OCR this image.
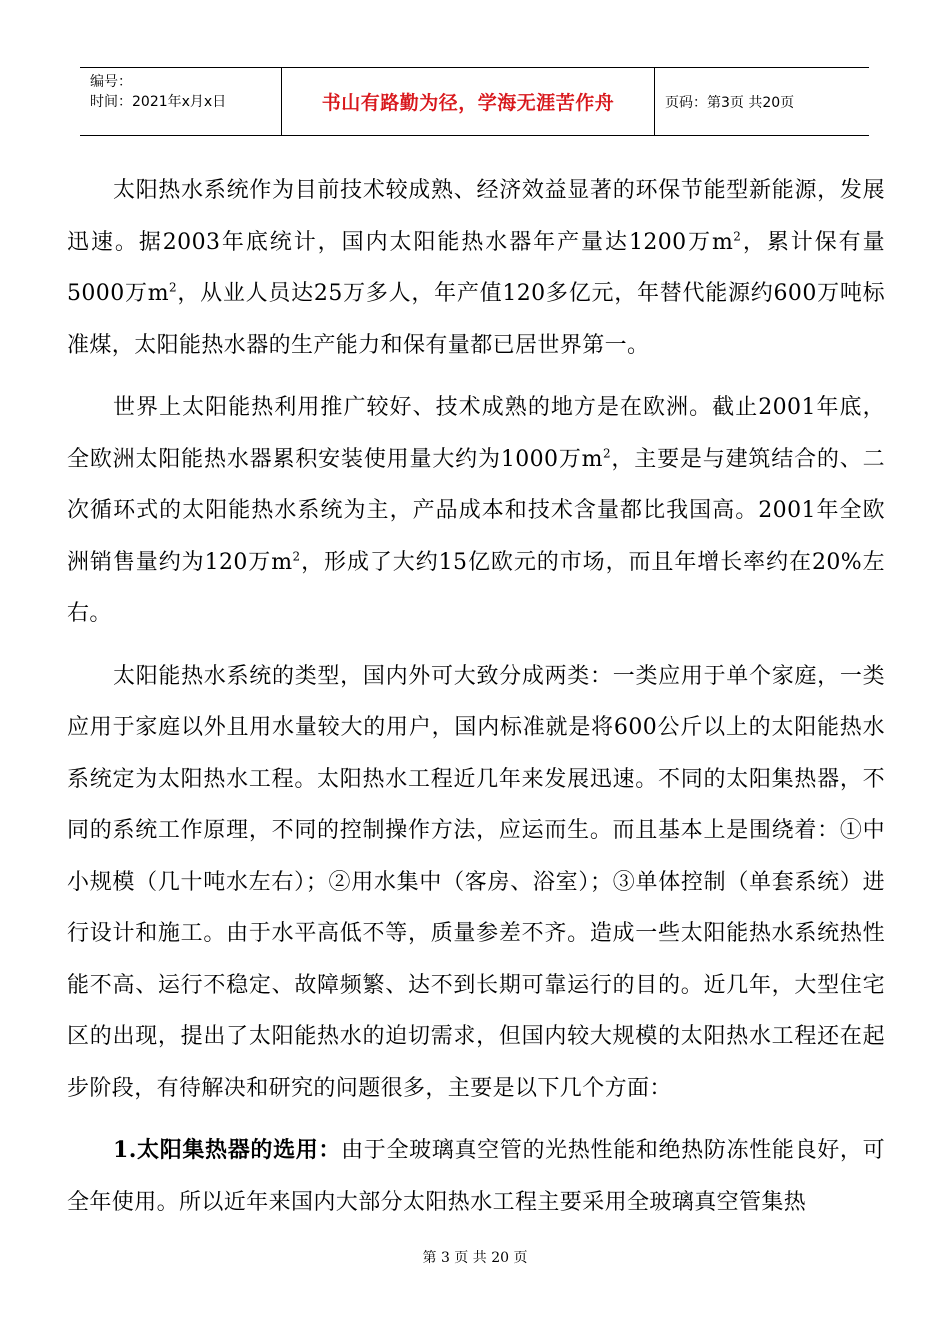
编号：
时间：2021年x月x日	书山有路勤为径，学海无涯苦作舟	页码：第3页 共20页

太阳热水系统作为目前技术较成熟、经济效益显著的环保节能型新能源，发展迅速。据2003年底统计，国内太阳能热水器年产量达1200万$m^2$，累计保有量5000万$m^2$，从业人员达25万多人，年产值120多亿元，年替代能源约600万吨标准煤，太阳能热水器的生产能力和保有量都已居世界第一。

世界上太阳能热利用推广较好、技术成熟的地方是在欧洲。截止2001年底，全欧洲太阳能热水器累积安装使用量大约为1000万$m^2$，主要是与建筑结合的、二次循环式的太阳能热水系统为主，产品成本和技术含量都比我国高。2001年全欧洲销售量约为120万$m^2$，形成了大约15亿欧元的市场，而且年增长率约在20%左右。

太阳能热水系统的类型，国内外可大致分成两类：一类应用于单个家庭，一类应用于家庭以外且用水量较大的用户，国内标准就是将600公斤以上的太阳能热水系统定为太阳热水工程。太阳热水工程近几年来发展迅速。不同的太阳集热器，不同的系统工作原理，不同的控制操作方法，应运而生。而且基本上是围绕着：①中小规模（几十吨水左右）；②用水集中（客房、浴室）；③单体控制（单套系统）进行设计和施工。由于水平高低不等，质量参差不齐。造成一些太阳能热水系统热性能不高、运行不稳定、故障频繁、达不到长期可靠运行的目的。近几年，大型住宅区的出现，提出了太阳能热水的迫切需求，但国内较大规模的太阳热水工程还在起步阶段，有待解决和研究的问题很多，主要是以下几个方面：

1.太阳集热器的选用：由于全玻璃真空管的光热性能和绝热防冻性能良好，可全年使用。所以近年来国内大部分太阳热水工程主要采用全玻璃真空管集热

第 3 页 共 20 页
